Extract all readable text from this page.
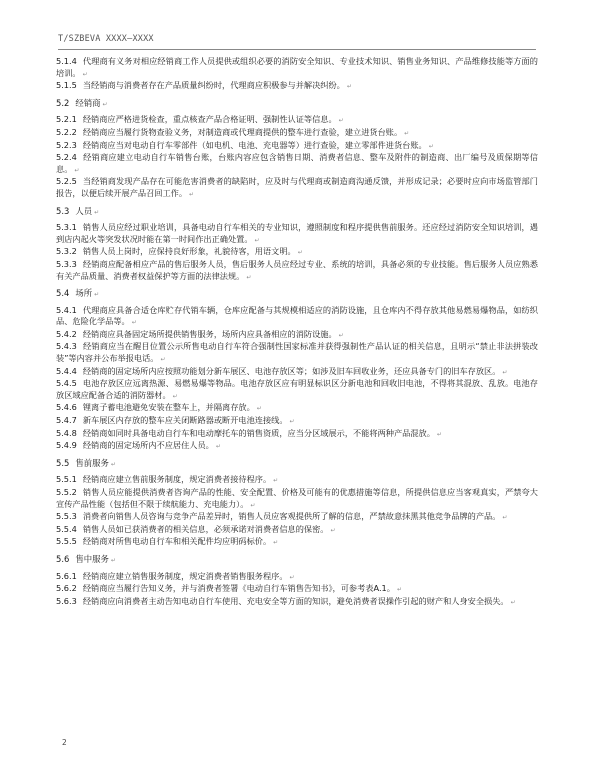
T/SZBEVA XXXX—XXXX

5.1.4 代理商有义务对相应经销商工作人员提供或组织必要的消防安全知识、专业技术知识、销售业务知识、产品维修技能等方面的培训。 ↵

5.1.5 当经销商与消费者存在产品质量纠纷时，代理商应积极参与并解决纠纷。 ↵

5.2 经销商 ↵

5.2.1 经销商应严格进货检查，重点核查产品合格证明、强制性认证等信息。 ↵

5.2.2 经销商应当履行货物查验义务，对制造商或代理商提供的整车进行查验，建立进货台账。 ↵

5.2.3 经销商应当对电动自行车零部件（如电机、电池、充电器等）进行查验，建立零部件进货台账。 ↵

5.2.4 经销商应建立电动自行车销售台账，台账内容应包含销售日期、消费者信息、整车及附件的制造商、出厂编号及质保期等信息。 ↵

5.2.5 当经销商发现产品存在可能危害消费者的缺陷时，应及时与代理商或制造商沟通反馈，并形成记录；必要时应向市场监管部门报告，以便后续开展产品召回工作。 ↵

5.3 人员 ↵

5.3.1 销售人员应经过职业培训，具备电动自行车相关的专业知识，遵照制度和程序提供售前服务。还应经过消防安全知识培训，遇到店内起火等突发状况时能在第一时间作出正确处置。 ↵

5.3.2 销售人员上岗时，应保持良好形象，礼貌待客，用语文明。 ↵

5.3.3 经销商应配备相应产品的售后服务人员，售后服务人员应经过专业、系统的培训，具备必须的专业技能。售后服务人员应熟悉有关产品质量、消费者权益保护等方面的法律法规。 ↵

5.4 场所 ↵

5.4.1 代理商应具备合适仓库贮存代销车辆，仓库应配备与其规模相适应的消防设施，且仓库内不得存放其他易燃易爆物品，如纺织品、危险化学品等。 ↵

5.4.2 经销商应具备固定场所提供销售服务，场所内应具备相应的消防设施。 ↵

5.4.3 经销商应当在醒目位置公示所售电动自行车符合强制性国家标准并获得强制性产品认证的相关信息，且明示“禁止非法拼装改装”等内容并公布举报电话。 ↵

5.4.4 经销商的固定场所内应按照功能划分新车展区、电池存放区等；如涉及旧车回收业务，还应具备专门的旧车存放区。 ↵

5.4.5 电池存放区应远离热源、易燃易爆等物品。电池存放区应有明显标识区分新电池和回收旧电池，不得将其混放、乱放。电池存放区域应配备合适的消防器材。 ↵

5.4.6 锂离子蓄电池避免安装在整车上，并隔离存放。 ↵

5.4.7 新车展区内存放的整车应关闭断路器或断开电池连接线。 ↵

5.4.8 经销商如同时具备电动自行车和电动摩托车的销售资质，应当分区域展示，不能将两种产品混放。 ↵

5.4.9 经销商的固定场所内不应居住人员。 ↵

5.5 售前服务 ↵

5.5.1 经销商应建立售前服务制度，规定消费者接待程序。 ↵

5.5.2 销售人员应能提供消费者咨询产品的性能、安全配置、价格及可能有的优惠措施等信息，所提供信息应当客观真实，严禁夸大宣传产品性能（包括但不限于续航能力、充电能力）。 ↵

5.5.3 消费者向销售人员咨询与竞争产品差异时，销售人员应客观提供所了解的信息，严禁故意抹黑其他竞争品牌的产品。 ↵

5.5.4 销售人员如已获消费者的相关信息，必须承诺对消费者信息的保密。 ↵

5.5.5 经销商对所售电动自行车和相关配件均应明码标价。 ↵

5.6 售中服务 ↵

5.6.1 经销商应建立销售服务制度，规定消费者销售服务程序。 ↵

5.6.2 经销商应当履行告知义务，并与消费者签署《电动自行车销售告知书》，可参考表A.1。 ↵

5.6.3 经销商应向消费者主动告知电动自行车使用、充电安全等方面的知识，避免消费者误操作引起的财产和人身安全损失。 ↵

2
